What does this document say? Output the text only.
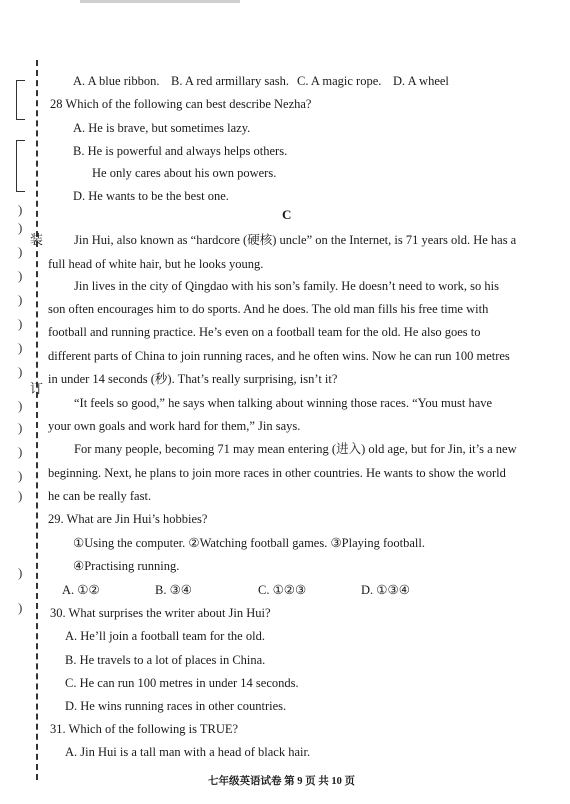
)
)
装
)
)
)
)
)
)
订
)
)
)
)
)
)
)
A. A blue ribbon. B. A red armillary sash. C. A magic rope. D. A wheel
28 Which of the following can best describe Nezha?
A. He is brave, but sometimes lazy.
B. He is powerful and always helps others.
He only cares about his own powers.
D. He wants to be the best one.
C
Jin Hui, also known as “hardcore (硬核) uncle” on the Internet, is 71 years old. He has a
full head of white hair, but he looks young.
Jin lives in the city of Qingdao with his son’s family. He doesn’t need to work, so his
son often encourages him to do sports. And he does. The old man fills his free time with
football and running practice. He’s even on a football team for the old. He also goes to
different parts of China to join running races, and he often wins. Now he can run 100 metres
in under 14 seconds (秒). That’s really surprising, isn’t it?
“It feels so good,” he says when talking about winning those races. “You must have
your own goals and work hard for them,” Jin says.
For many people, becoming 71 may mean entering (进入) old age, but for Jin, it’s a new
beginning. Next, he plans to join more races in other countries. He wants to show the world
he can be really fast.
29. What are Jin Hui’s hobbies?
①Using the computer. ②Watching football games. ③Playing football.
④Practising running.
A. ①②	B. ③④	C. ①②③	D. ①③④
30. What surprises the writer about Jin Hui?
A. He’ll join a football team for the old.
B. He travels to a lot of places in China.
C. He can run 100 metres in under 14 seconds.
D. He wins running races in other countries.
31. Which of the following is TRUE?
A. Jin Hui is a tall man with a head of black hair.
七年级英语试卷 第 9 页 共 10 页
